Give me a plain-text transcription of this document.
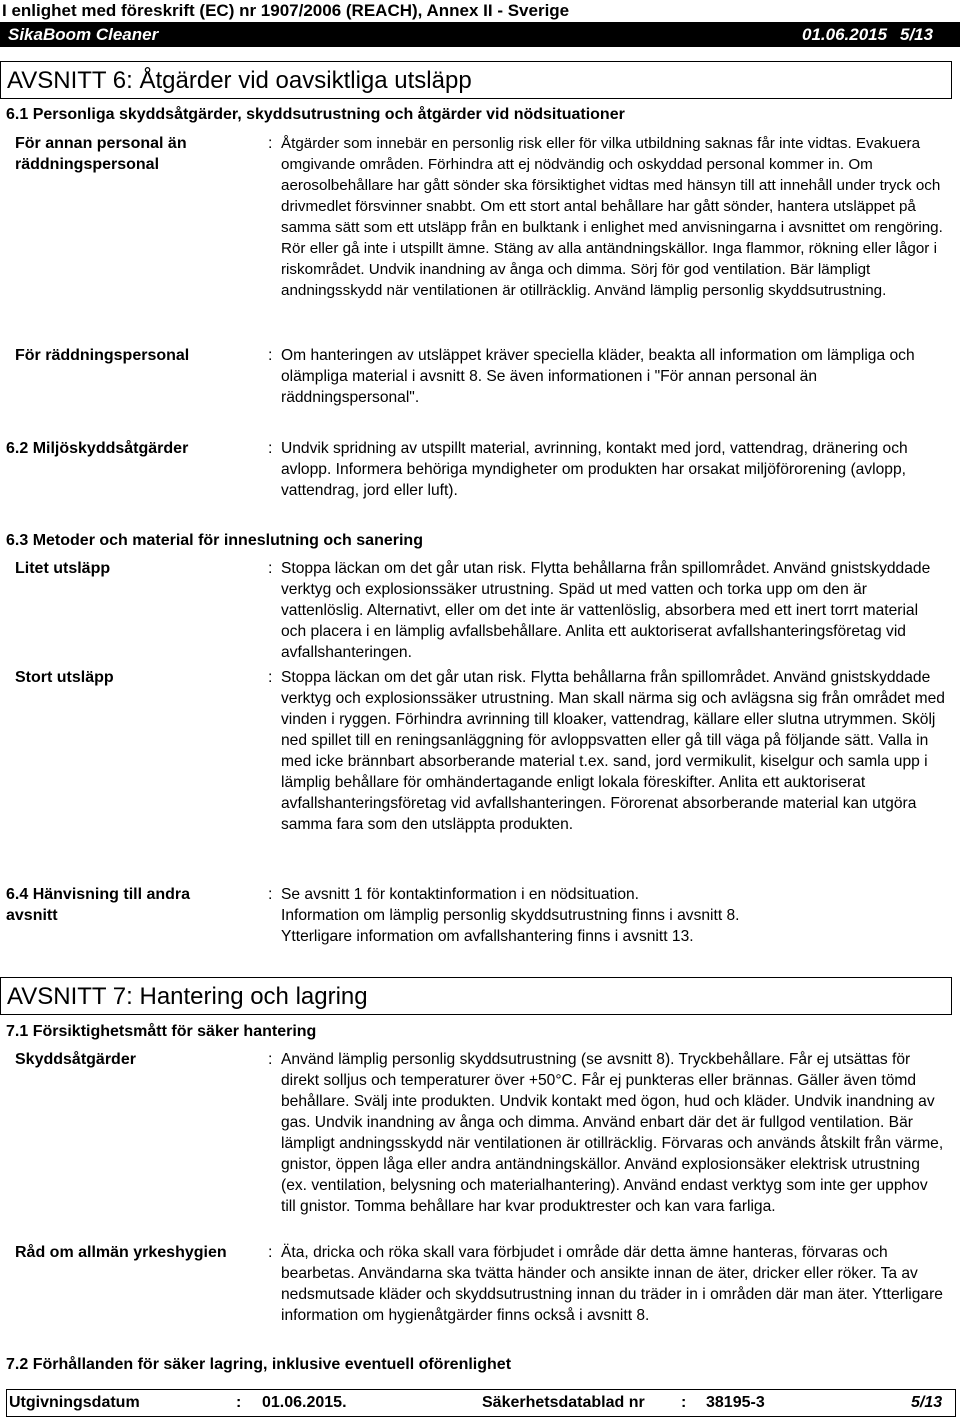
I enlighet med föreskrift (EC) nr 1907/2006 (REACH), Annex II - Sverige
SikaBoom Cleaner	01.06.2015 5/13
AVSNITT 6: Åtgärder vid oavsiktliga utsläpp
6.1 Personliga skyddsåtgärder, skyddsutrustning och åtgärder vid nödsituationer
För annan personal än räddningspersonal
: Åtgärder som innebär en personlig risk eller för vilka utbildning saknas får inte vidtas. Evakuera omgivande områden. Förhindra att ej nödvändig och oskyddad personal kommer in. Om aerosolbehållare har gått sönder ska försiktighet vidtas med hänsyn till att innehåll under tryck och drivmedlet försvinner snabbt. Om ett stort antal behållare har gått sönder, hantera utsläppet på samma sätt som ett utsläpp från en bulktank i enlighet med anvisningarna i avsnittet om rengöring. Rör eller gå inte i utspillt ämne. Stäng av alla antändningskällor. Inga flammor, rökning eller lågor i riskområdet. Undvik inandning av ånga och dimma. Sörj för god ventilation. Bär lämpligt andningsskydd när ventilationen är otillräcklig. Använd lämplig personlig skyddsutrustning.
För räddningspersonal	: Om hanteringen av utsläppet kräver speciella kläder, beakta all information om lämpliga och olämpliga material i avsnitt 8. Se även informationen i "För annan personal än räddningspersonal".
6.2 Miljöskyddsåtgärder	: Undvik spridning av utspillt material, avrinning, kontakt med jord, vattendrag, dränering och avlopp. Informera behöriga myndigheter om produkten har orsakat miljöförorening (avlopp, vattendrag, jord eller luft).
6.3 Metoder och material för inneslutning och sanering
Litet utsläpp	: Stoppa läckan om det går utan risk. Flytta behållarna från spillområdet. Använd gnistskyddade verktyg och explosionssäker utrustning. Späd ut med vatten och torka upp om den är vattenlöslig. Alternativt, eller om det inte är vattenlöslig, absorbera med ett inert torrt material och placera i en lämplig avfallsbehållare. Anlita ett auktoriserat avfallshanteringsföretag vid avfallshanteringen.
Stort utsläpp	: Stoppa läckan om det går utan risk. Flytta behållarna från spillområdet. Använd gnistskyddade verktyg och explosionssäker utrustning. Man skall närma sig och avlägsna sig från området med vinden i ryggen. Förhindra avrinning till kloaker, vattendrag, källare eller slutna utrymmen. Skölj ned spillet till en reningsanläggning för avloppsvatten eller gå till väga på följande sätt. Valla in med icke brännbart absorberande material t.ex. sand, jord vermikulit, kiselgur och samla upp i lämplig behållare för omhändertagande enligt lokala föreskifter. Anlita ett auktoriserat avfallshanteringsföretag vid avfallshanteringen. Förorenat absorberande material kan utgöra samma fara som den utsläppta produkten.
6.4 Hänvisning till andra avsnitt
: Se avsnitt 1 för kontaktinformation i en nödsituation.
Information om lämplig personlig skyddsutrustning finns i avsnitt 8.
Ytterligare information om avfallshantering finns i avsnitt 13.
AVSNITT 7: Hantering och lagring
7.1 Försiktighetsmått för säker hantering
Skyddsåtgärder	: Använd lämplig personlig skyddsutrustning (se avsnitt 8). Tryckbehållare. Får ej utsättas för direkt solljus och temperaturer över +50°C. Får ej punkteras eller brännas. Gäller även tömd behållare. Svälj inte produkten. Undvik kontakt med ögon, hud och kläder. Undvik inandning av gas. Undvik inandning av ånga och dimma. Använd enbart där det är fullgod ventilation. Bär lämpligt andningsskydd när ventilationen är otillräcklig. Förvaras och används åtskilt från värme, gnistor, öppen låga eller andra antändningskällor. Använd explosionsäker elektrisk utrustning (ex. ventilation, belysning och materialhantering). Använd endast verktyg som inte ger upphov till gnistor. Tomma behållare har kvar produktrester och kan vara farliga.
Råd om allmän yrkeshygien	: Äta, dricka och röka skall vara förbjudet i område där detta ämne hanteras, förvaras och bearbetas. Användarna ska tvätta händer och ansikte innan de äter, dricker eller röker. Ta av nedsmutsade kläder och skyddsutrustning innan du träder in i områden där man äter. Ytterligare information om hygienåtgärder finns också i avsnitt 8.
7.2 Förhållanden för säker lagring, inklusive eventuell oförenlighet
Utgivningsdatum	: 01.06.2015.	Säkerhetsdatablad nr : 38195-3	5/13
